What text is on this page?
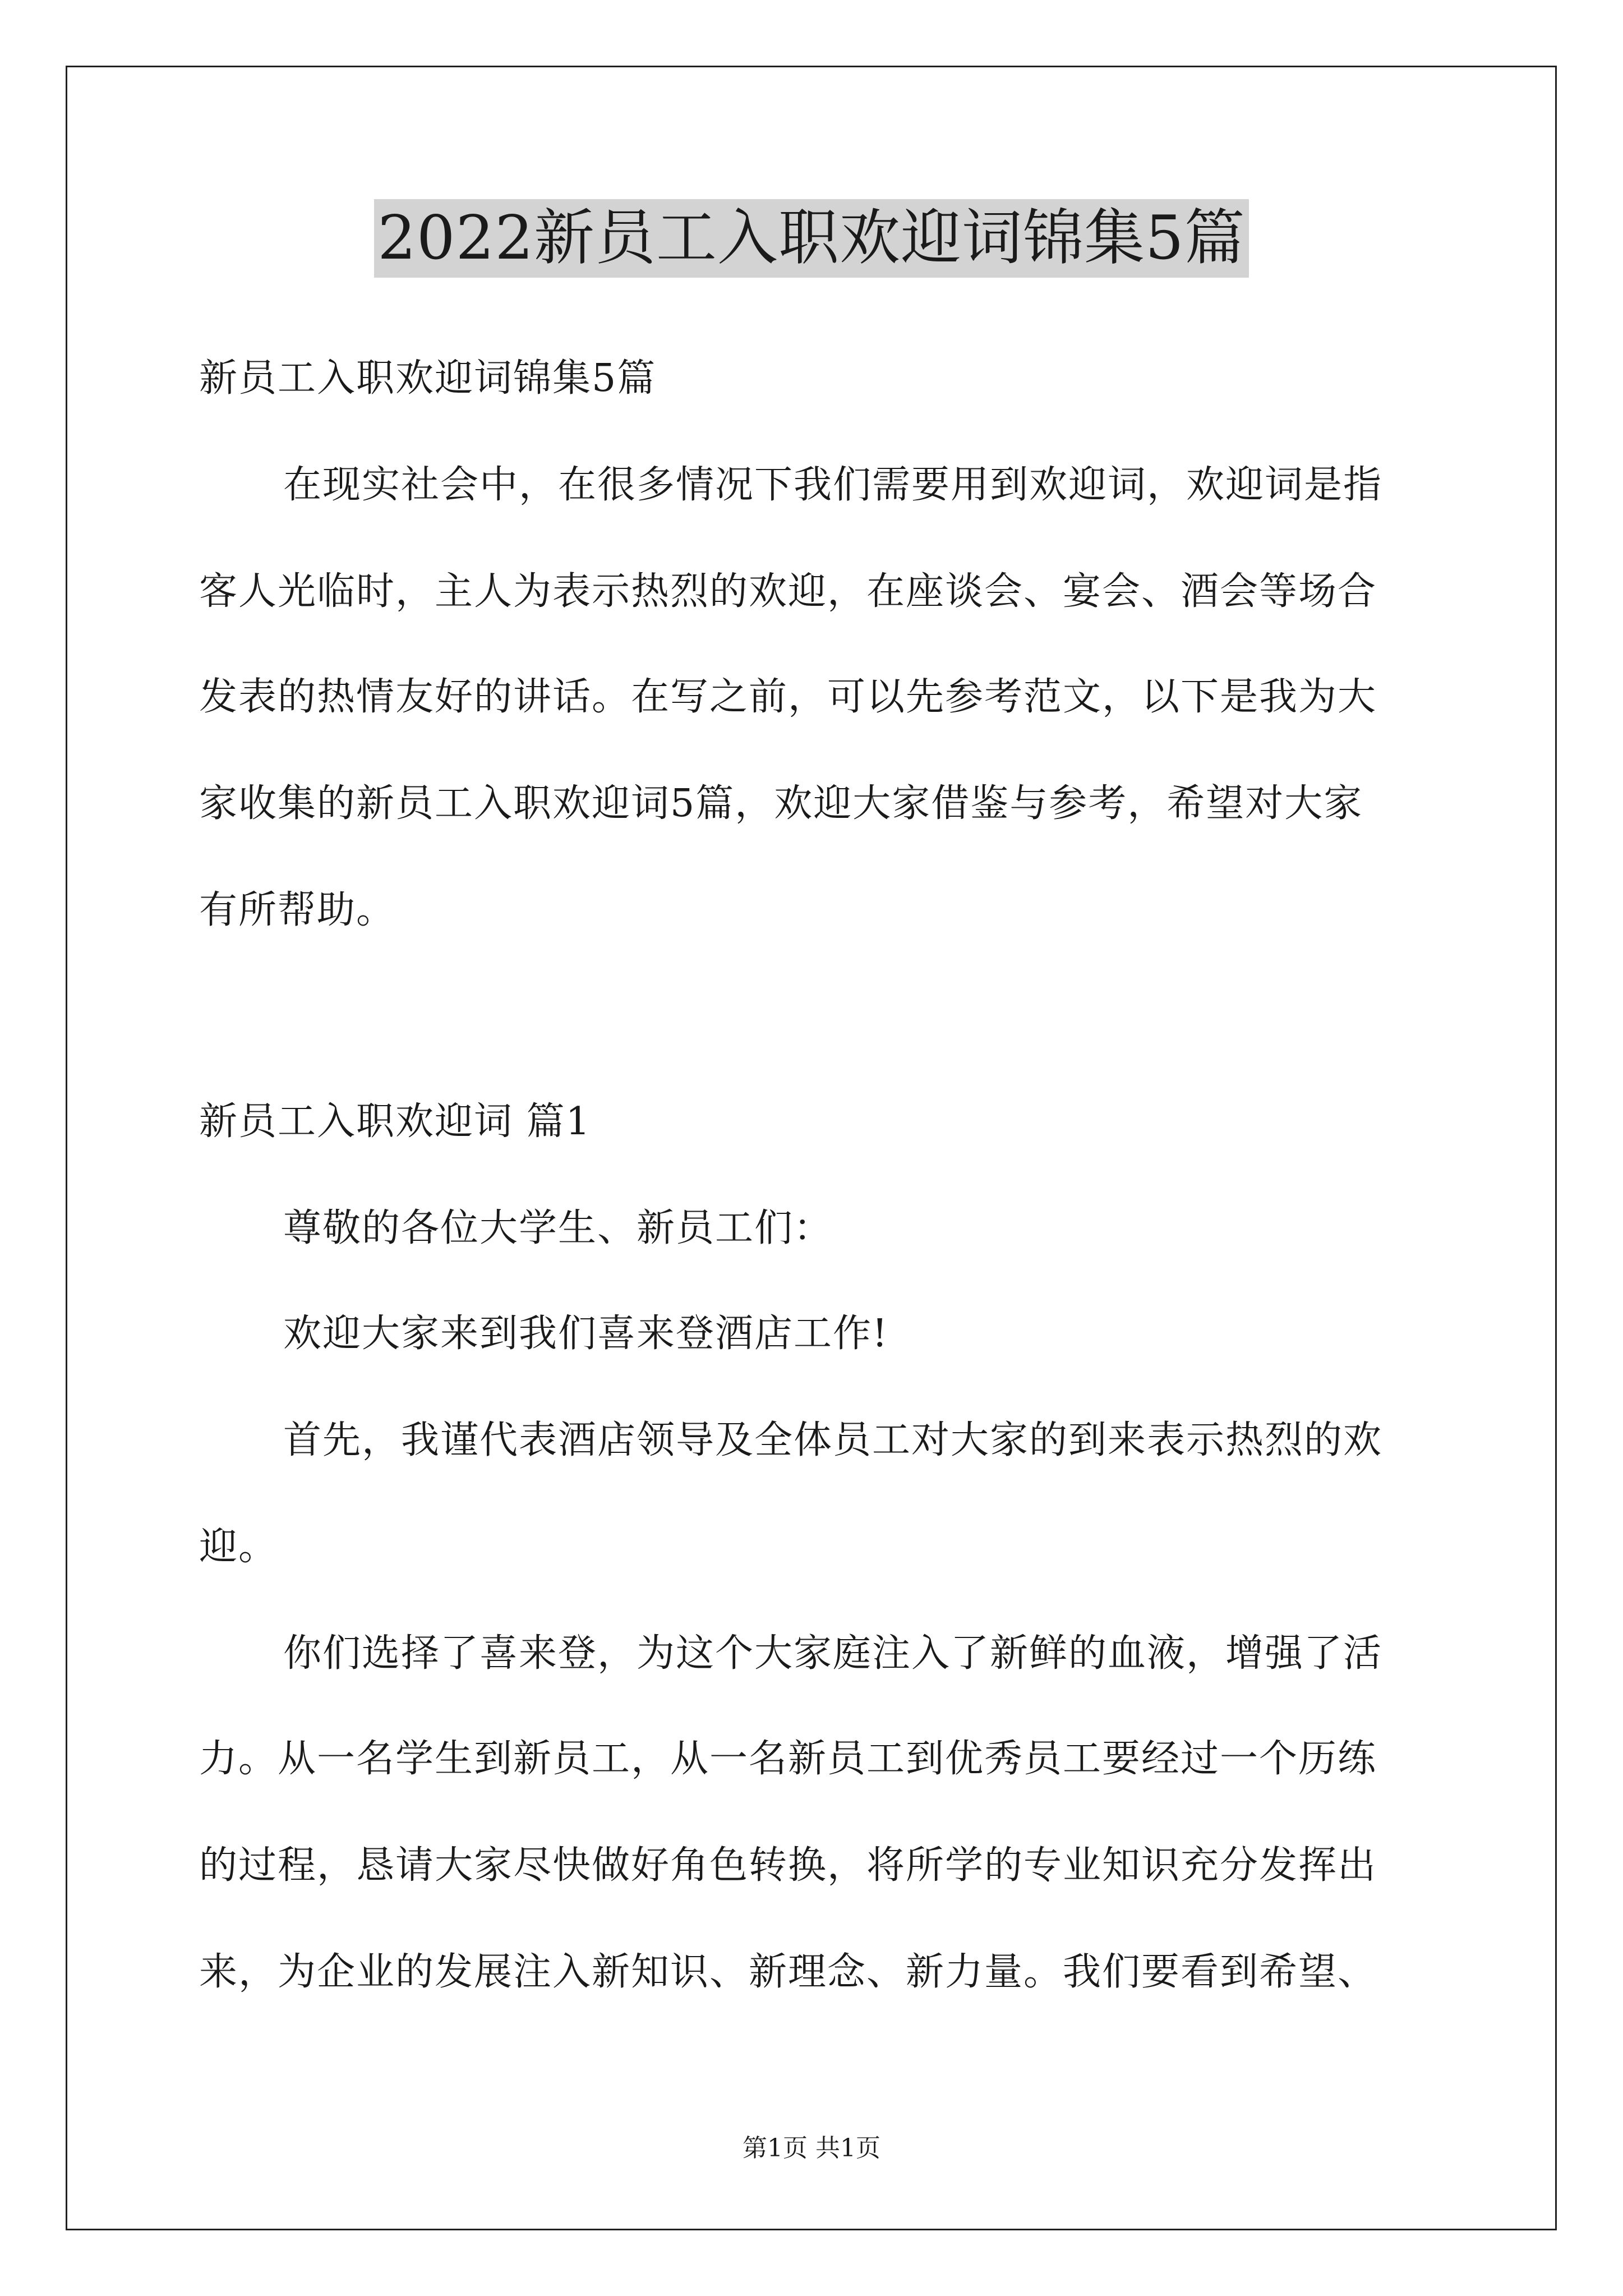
2022新员工入职欢迎词锦集5篇
新员工入职欢迎词锦集5篇
在现实社会中，在很多情况下我们需要用到欢迎词，欢迎词是指
客人光临时，主人为表示热烈的欢迎，在座谈会、宴会、酒会等场合
发表的热情友好的讲话。在写之前，可以先参考范文，以下是我为大
家收集的新员工入职欢迎词5篇，欢迎大家借鉴与参考，希望对大家
有所帮助。
新员工入职欢迎词 篇1
尊敬的各位大学生、新员工们：
欢迎大家来到我们喜来登酒店工作!
首先，我谨代表酒店领导及全体员工对大家的到来表示热烈的欢
迎。
你们选择了喜来登，为这个大家庭注入了新鲜的血液，增强了活
力。从一名学生到新员工，从一名新员工到优秀员工要经过一个历练
的过程，恳请大家尽快做好角色转换，将所学的专业知识充分发挥出
来，为企业的发展注入新知识、新理念、新力量。我们要看到希望、
第1页 共1页
